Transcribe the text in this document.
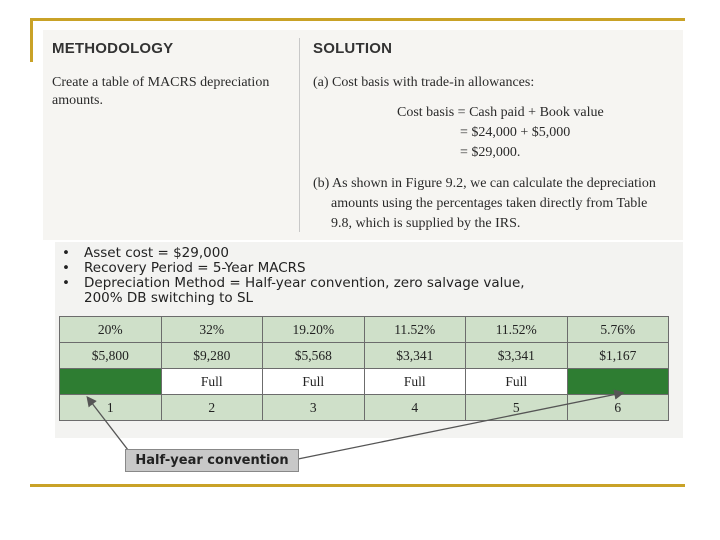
METHODOLOGY
Create a table of MACRS depreciation
amounts.
SOLUTION
(a) Cost basis with trade-in allowances:
Cost basis = Cash paid + Book value
= $24,000 + $5,000
= $29,000.
(b) As shown in Figure 9.2, we can calculate the depreciation
amounts using the percentages taken directly from Table
9.8, which is supplied by the IRS.
•	Asset cost = $29,000
•	Recovery Period = 5-Year MACRS
•	Depreciation Method = Half-year convention, zero salvage value,
200% DB switching to SL
20%	32%	19.20%	11.52%	11.52%	5.76%
$5,800	$9,280	$5,568	$3,341	$3,341	$1,167
	Full	Full	Full	Full	
1	2	3	4	5	6
Half-year convention
